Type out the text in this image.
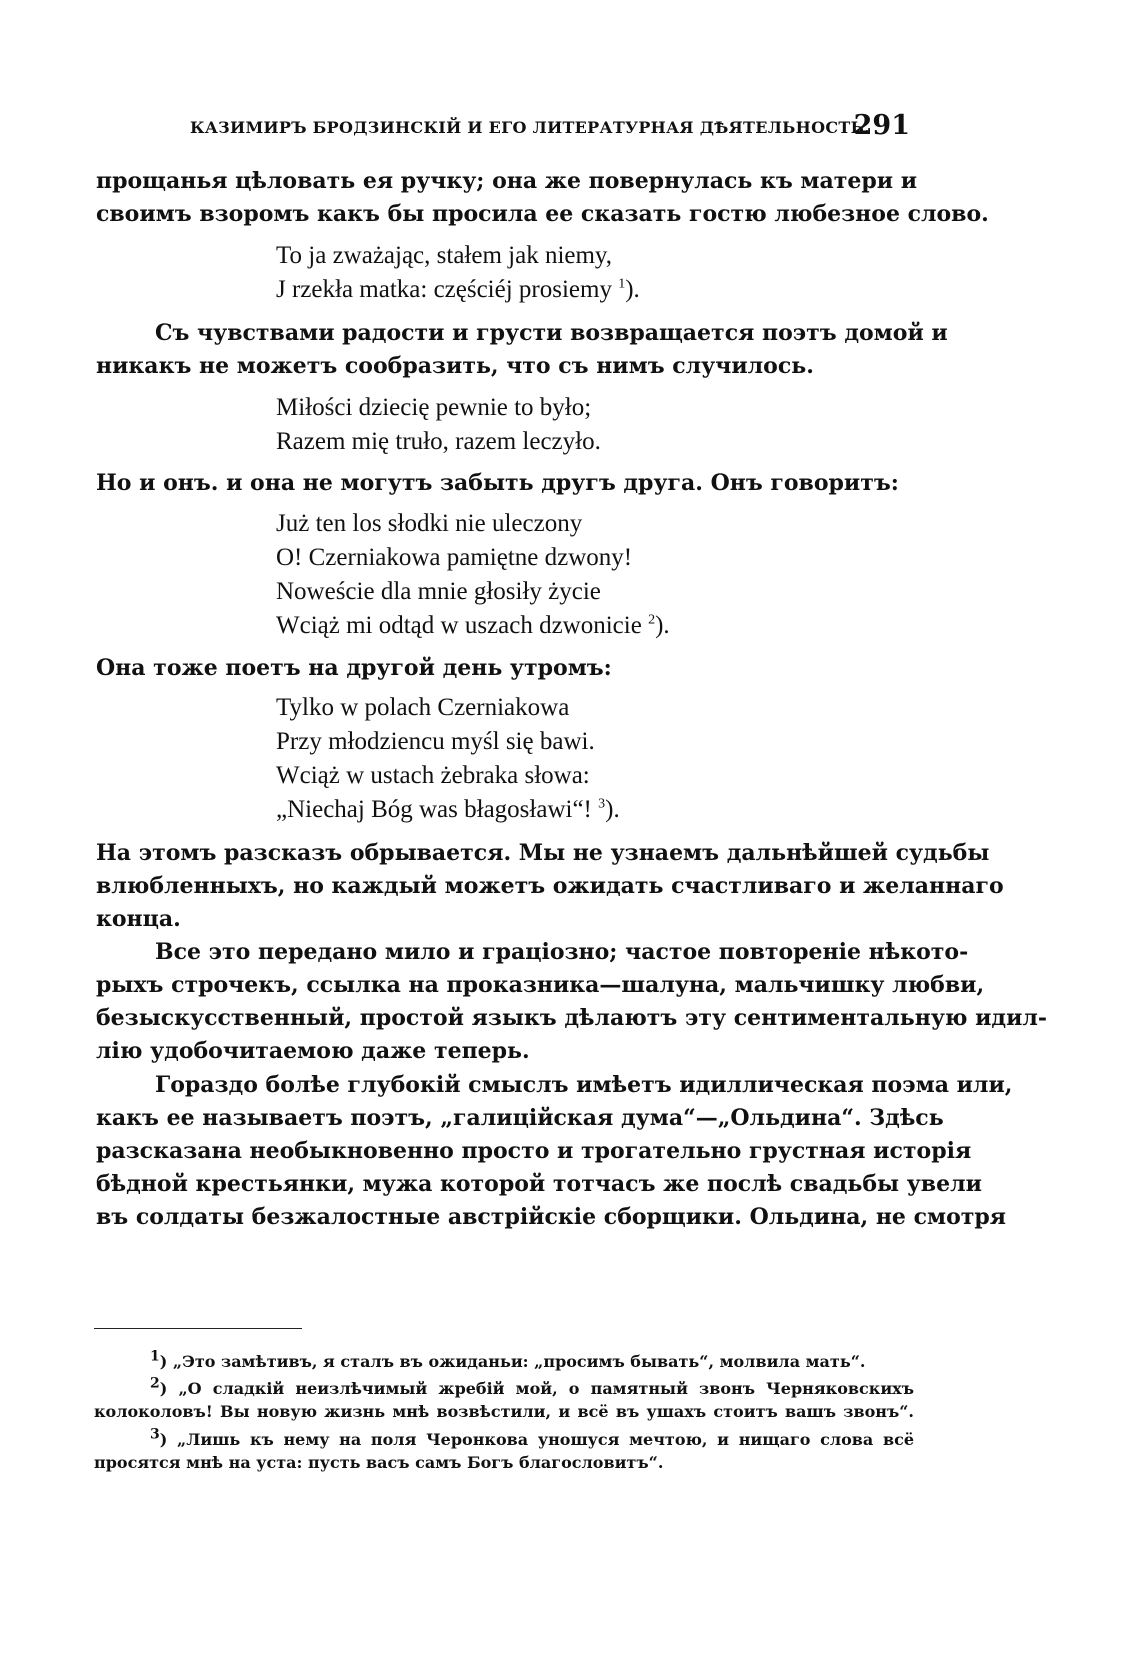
КАЗИМИРЪ БРОДЗИНСКІЙ И ЕГО ЛИТЕРАТУРНАЯ ДѢЯТЕЛЬНОСТЬ.
291
прощанья цѣловать ея ручку; она же повернулась къ матери и
своимъ взоромъ какъ бы просила ее сказать гостю любезное слово.
To ja zważając, stałem jak niemy,
J rzekła matka: częściéj prosiemy $^1$).
Съ чувствами радости и грусти возвращается поэтъ домой и
никакъ не можетъ сообразить, что съ нимъ случилось.
Miłości dziecię pewnie to było;
Razem mię truło, razem leczyło.
Но и онъ. и она не могутъ забыть другъ друга. Онъ говоритъ:
Już ten los słodki nie uleczony
O! Czerniakowa pamiętne dzwony!
Noweście dla mnie głosiły życie
Wciąż mi odtąd w uszach dzwonicie $^2$).
Она тоже поетъ на другой день утромъ:
Tylko w polach Czerniakowa
Przy młodziencu myśl się bawi.
Wciąż w ustach żebraka słowa:
„Niechaj Bóg was błagosławi“! $^3$).
На этомъ разсказъ обрывается. Мы не узнаемъ дальнѣйшей судьбы
влюбленныхъ, но каждый можетъ ожидать счастливаго и желаннаго
конца.
Все это передано мило и граціозно; частое повтореніе нѣкото-
рыхъ строчекъ, ссылка на проказника—шалуна, мальчишку любви,
безыскусственный, простой языкъ дѣлаютъ эту сентиментальную идил-
лію удобочитаемою даже теперь.
Гораздо болѣе глубокій смыслъ имѣетъ идиллическая поэма или,
какъ ее называетъ поэтъ, „галиційская дума“—„Ольдина“. Здѣсь
разсказана необыкновенно просто и трогательно грустная исторія
бѣдной крестьянки, мужа которой тотчасъ же послѣ свадьбы увели
въ солдаты безжалостные австрійскіе сборщики. Ольдина, не смотря
$^1$) „Это замѣтивъ, я сталъ въ ожиданьи: „просимъ бывать“, молвила мать“.
$^2$) „О сладкій неизлѣчимый жребій мой, о памятный звонъ Черняковскихъ
колоколовъ! Вы новую жизнь мнѣ возвѣстили, и всё въ ушахъ стоитъ вашъ звонъ“.
$^3$) „Лишь къ нему на поля Черонкова уношуся мечтою, и нищаго слова всё
просятся мнѣ на уста: пусть васъ самъ Богъ благословитъ“.
